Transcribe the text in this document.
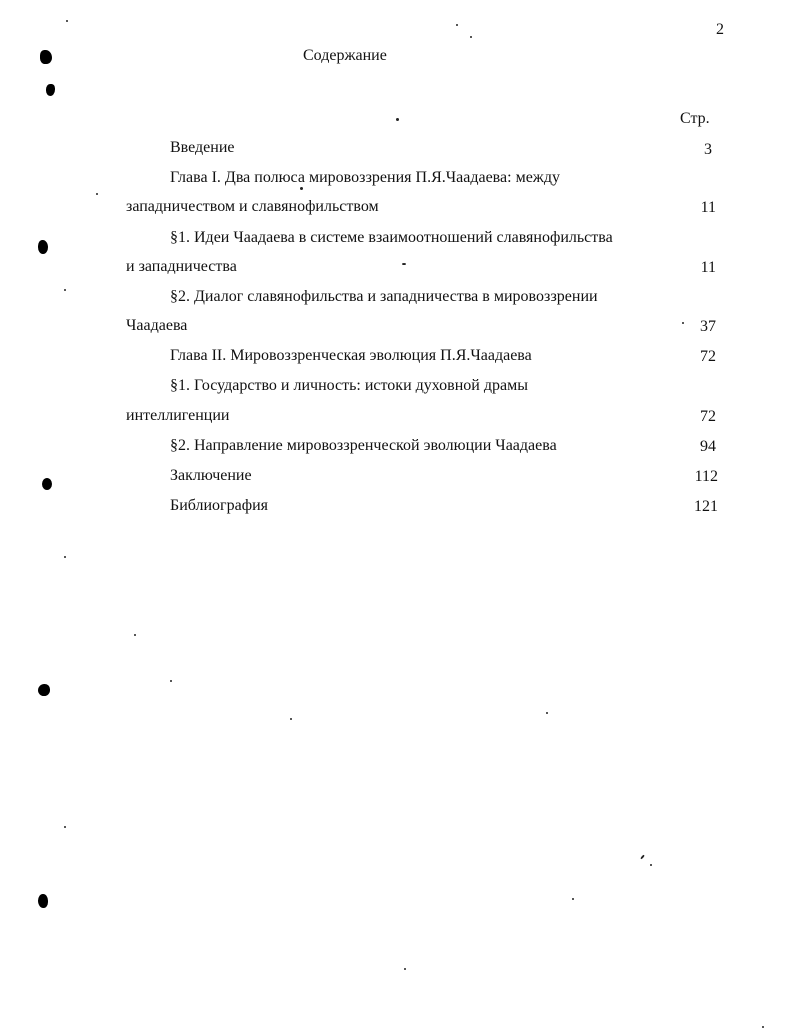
2
Содержание
Стр.
Введение	3
Глава I. Два полюса мировоззрения П.Я.Чаадаева: между
западничеством и славянофильством	11
§1. Идеи Чаадаева в системе взаимоотношений славянофильства
и западничества	11
§2. Диалог славянофильства и западничества в мировоззрении
Чаадаева	37
Глава II. Мировоззренческая эволюция П.Я.Чаадаева	72
§1. Государство и личность: истоки духовной драмы
интеллигенции	72
§2. Направление мировоззренческой эволюции Чаадаева	94
Заключение	112
Библиография	121
